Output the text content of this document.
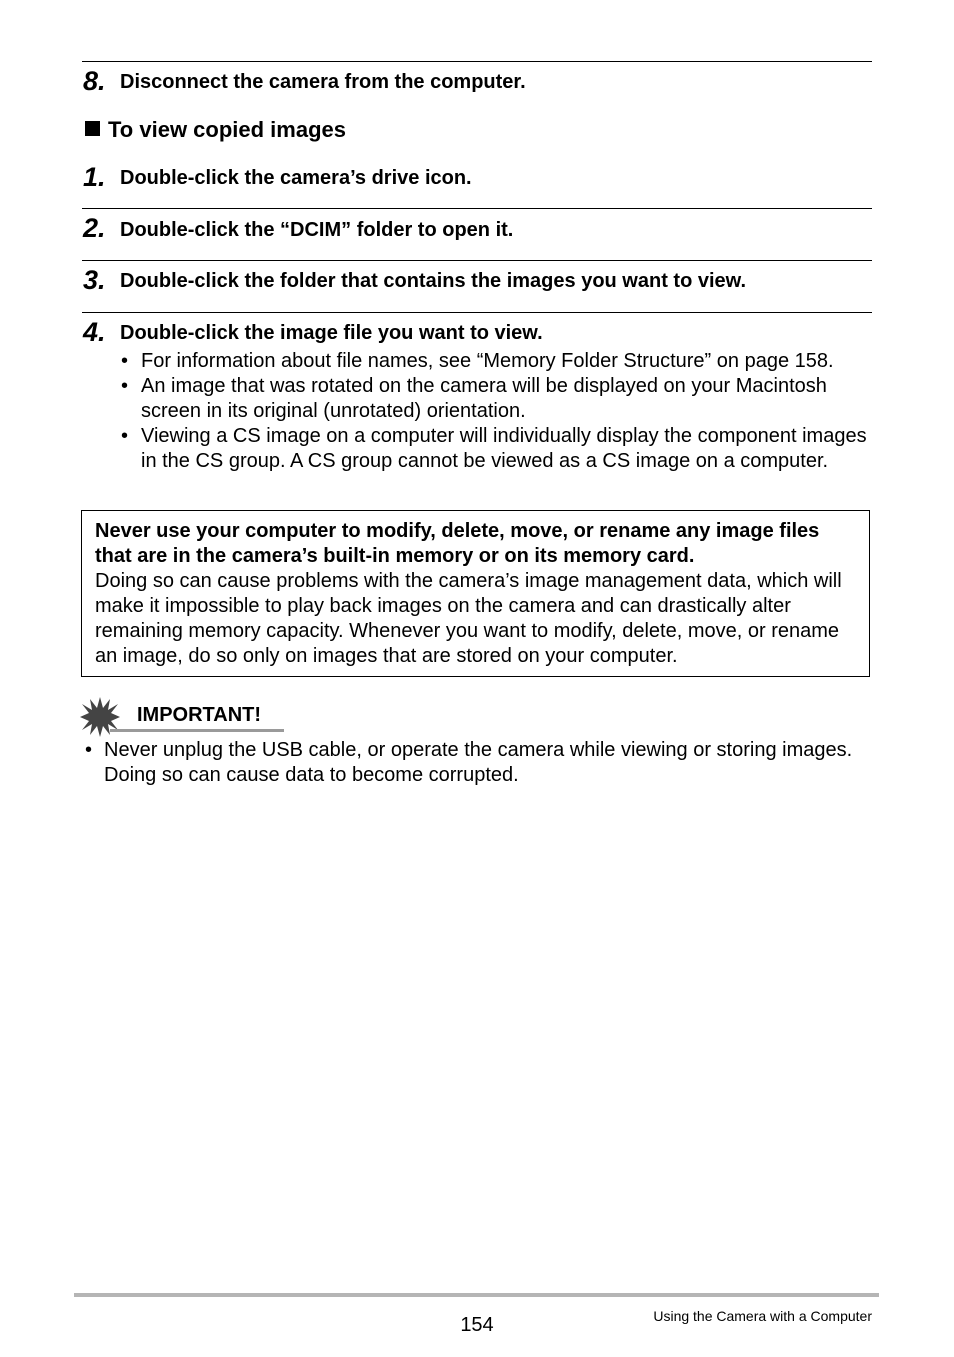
8. Disconnect the camera from the computer.
To view copied images
1. Double-click the camera’s drive icon.
2. Double-click the “DCIM” folder to open it.
3. Double-click the folder that contains the images you want to view.
4. Double-click the image file you want to view.
• For information about file names, see “Memory Folder Structure” on page 158.
• An image that was rotated on the camera will be displayed on your Macintosh screen in its original (unrotated) orientation.
• Viewing a CS image on a computer will individually display the component images in the CS group. A CS group cannot be viewed as a CS image on a computer.
Never use your computer to modify, delete, move, or rename any image files that are in the camera’s built-in memory or on its memory card.
Doing so can cause problems with the camera’s image management data, which will make it impossible to play back images on the camera and can drastically alter remaining memory capacity. Whenever you want to modify, delete, move, or rename an image, do so only on images that are stored on your computer.
IMPORTANT!
• Never unplug the USB cable, or operate the camera while viewing or storing images. Doing so can cause data to become corrupted.
154	Using the Camera with a Computer
